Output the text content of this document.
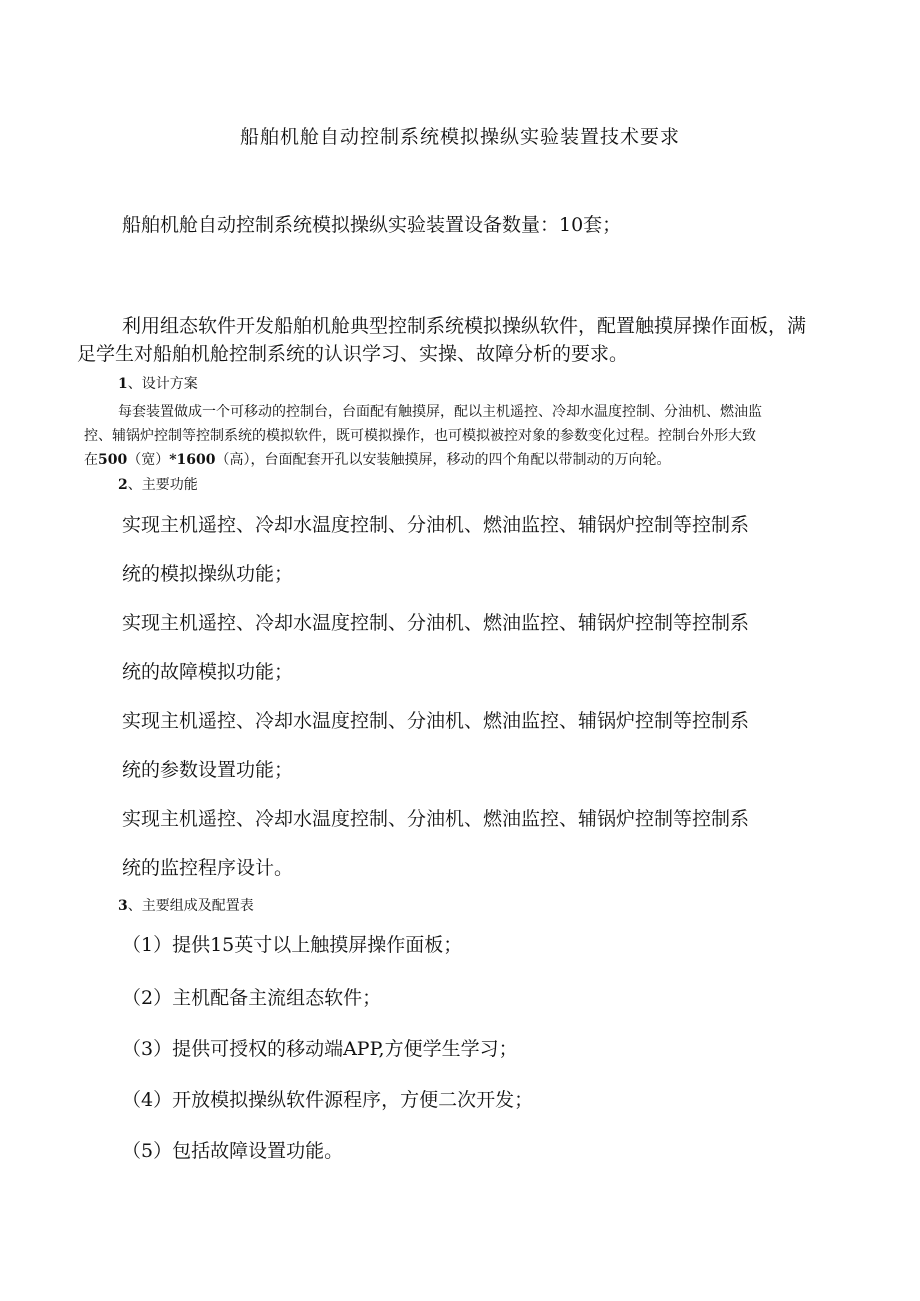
船舶机舱自动控制系统模拟操纵实验装置技术要求

船舶机舱自动控制系统模拟操纵实验装置设备数量：10套；

利用组态软件开发船舶机舱典型控制系统模拟操纵软件，配置触摸屏操作面板，满

足学生对船舶机舱控制系统的认识学习、实操、故障分析的要求。

1、设计方案

每套装置做成一个可移动的控制台，台面配有触摸屏，配以主机遥控、冷却水温度控制、分油机、燃油监

控、辅锅炉控制等控制系统的模拟软件，既可模拟操作，也可模拟被控对象的参数变化过程。控制台外形大致

在500（宽）*1600（高），台面配套开孔以安装触摸屏，移动的四个角配以带制动的万向轮。

2、主要功能

实现主机遥控、冷却水温度控制、分油机、燃油监控、辅锅炉控制等控制系

统的模拟操纵功能；

实现主机遥控、冷却水温度控制、分油机、燃油监控、辅锅炉控制等控制系

统的故障模拟功能；

实现主机遥控、冷却水温度控制、分油机、燃油监控、辅锅炉控制等控制系

统的参数设置功能；

实现主机遥控、冷却水温度控制、分油机、燃油监控、辅锅炉控制等控制系

统的监控程序设计。

3、主要组成及配置表

（1）提供15英寸以上触摸屏操作面板；

（2）主机配备主流组态软件；

（3）提供可授权的移动端APP,方便学生学习；

（4）开放模拟操纵软件源程序，方便二次开发；

（5）包括故障设置功能。
